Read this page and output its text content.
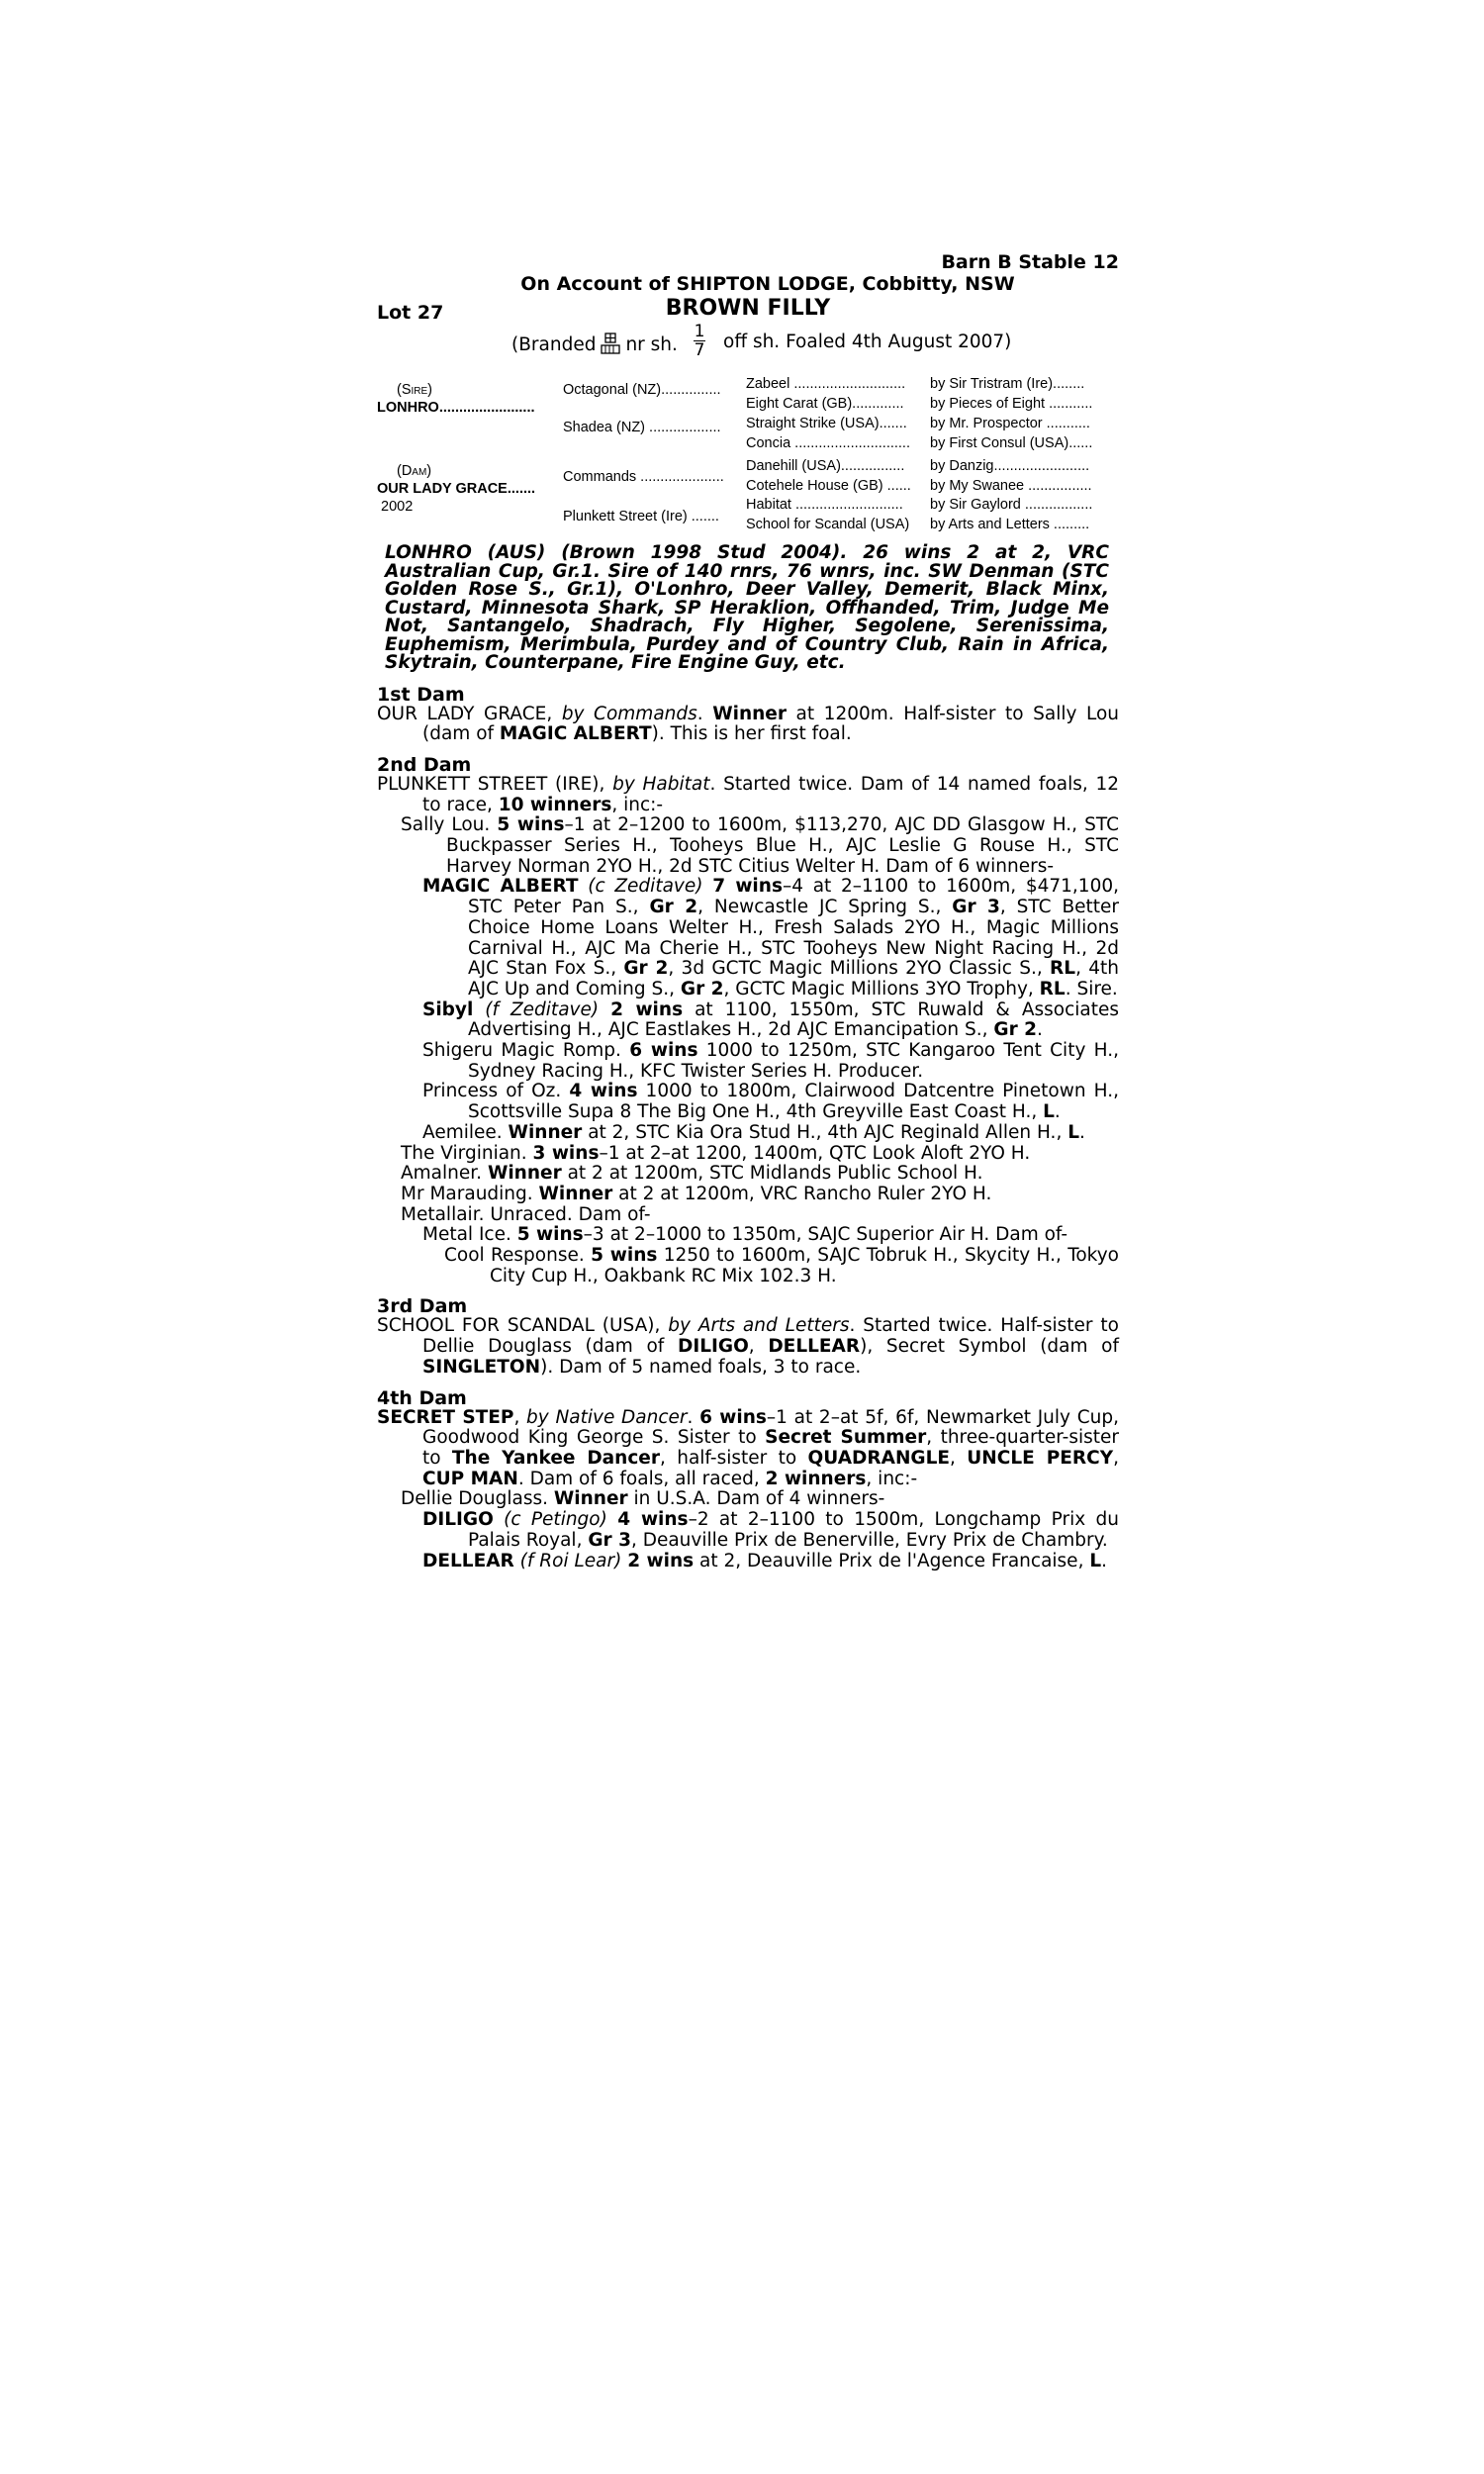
Barn B Stable 12
On Account of SHIPTON LODGE, Cobbitty, NSW
Lot 27	BROWN FILLY
(Branded nr sh.
1
7 off sh. Foaled 4th August 2007)
(Sire)
LONHRO........................
(Dam)
OUR LADY GRACE.......
2002
Octagonal (NZ)...............
Shadea (NZ) ..................
Commands .....................
Plunkett Street (Ire) .......
Zabeel ............................
Eight Carat (GB).............
Straight Strike (USA).......
Concia .............................
Danehill (USA)................
Cotehele House (GB) ......
Habitat ...........................
School for Scandal (USA)
by Sir Tristram (Ire)........
by Pieces of Eight ...........
by Mr. Prospector ...........
by First Consul (USA)......
by Danzig........................
by My Swanee ................
by Sir Gaylord .................
by Arts and Letters .........
LONHRO (AUS) (Brown 1998 Stud 2004). 26 wins 2 at 2, VRC Australian Cup, Gr.1. Sire of 140 rnrs, 76 wnrs, inc. SW Denman (STC Golden Rose S., Gr.1), O'Lonhro, Deer Valley, Demerit, Black Minx, Custard, Minnesota Shark, SP Heraklion, Offhanded, Trim, Judge Me Not, Santangelo, Shadrach, Fly Higher, Segolene, Serenissima, Euphemism, Merimbula, Purdey and of Country Club, Rain in Africa, Skytrain, Counterpane, Fire Engine Guy, etc.
1st Dam

OUR LADY GRACE, by Commands. Winner at 1200m. Half-sister to Sally Lou (dam of MAGIC ALBERT). This is her first foal.

2nd Dam

PLUNKETT STREET (IRE), by Habitat. Started twice. Dam of 14 named foals, 12 to race, 10 winners, inc:-

Sally Lou. 5 wins–1 at 2–1200 to 1600m, $113,270, AJC DD Glasgow H., STC Buckpasser Series H., Tooheys Blue H., AJC Leslie G Rouse H., STC Harvey Norman 2YO H., 2d STC Citius Welter H. Dam of 6 winners-

MAGIC ALBERT (c Zeditave) 7 wins–4 at 2–1100 to 1600m, $471,100, STC Peter Pan S., Gr 2, Newcastle JC Spring S., Gr 3, STC Better Choice Home Loans Welter H., Fresh Salads 2YO H., Magic Millions Carnival H., AJC Ma Cherie H., STC Tooheys New Night Racing H., 2d AJC Stan Fox S., Gr 2, 3d GCTC Magic Millions 2YO Classic S., RL, 4th AJC Up and Coming S., Gr 2, GCTC Magic Millions 3YO Trophy, RL. Sire.

Sibyl (f Zeditave) 2 wins at 1100, 1550m, STC Ruwald & Associates Advertising H., AJC Eastlakes H., 2d AJC Emancipation S., Gr 2.

Shigeru Magic Romp. 6 wins 1000 to 1250m, STC Kangaroo Tent City H., Sydney Racing H., KFC Twister Series H. Producer.

Princess of Oz. 4 wins 1000 to 1800m, Clairwood Datcentre Pinetown H., Scottsville Supa 8 The Big One H., 4th Greyville East Coast H., L.

Aemilee. Winner at 2, STC Kia Ora Stud H., 4th AJC Reginald Allen H., L.

The Virginian. 3 wins–1 at 2–at 1200, 1400m, QTC Look Aloft 2YO H.

Amalner. Winner at 2 at 1200m, STC Midlands Public School H.

Mr Marauding. Winner at 2 at 1200m, VRC Rancho Ruler 2YO H.

Metallair. Unraced. Dam of-

Metal Ice. 5 wins–3 at 2–1000 to 1350m, SAJC Superior Air H. Dam of-

Cool Response. 5 wins 1250 to 1600m, SAJC Tobruk H., Skycity H., Tokyo City Cup H., Oakbank RC Mix 102.3 H.

3rd Dam

SCHOOL FOR SCANDAL (USA), by Arts and Letters. Started twice. Half-sister to Dellie Douglass (dam of DILIGO, DELLEAR), Secret Symbol (dam of SINGLETON). Dam of 5 named foals, 3 to race.

4th Dam

SECRET STEP, by Native Dancer. 6 wins–1 at 2–at 5f, 6f, Newmarket July Cup, Goodwood King George S. Sister to Secret Summer, three-quarter-sister to The Yankee Dancer, half-sister to QUADRANGLE, UNCLE PERCY, CUP MAN. Dam of 6 foals, all raced, 2 winners, inc:-

Dellie Douglass. Winner in U.S.A. Dam of 4 winners-

DILIGO (c Petingo) 4 wins–2 at 2–1100 to 1500m, Longchamp Prix du Palais Royal, Gr 3, Deauville Prix de Benerville, Evry Prix de Chambry.

DELLEAR (f Roi Lear) 2 wins at 2, Deauville Prix de l'Agence Francaise, L.
